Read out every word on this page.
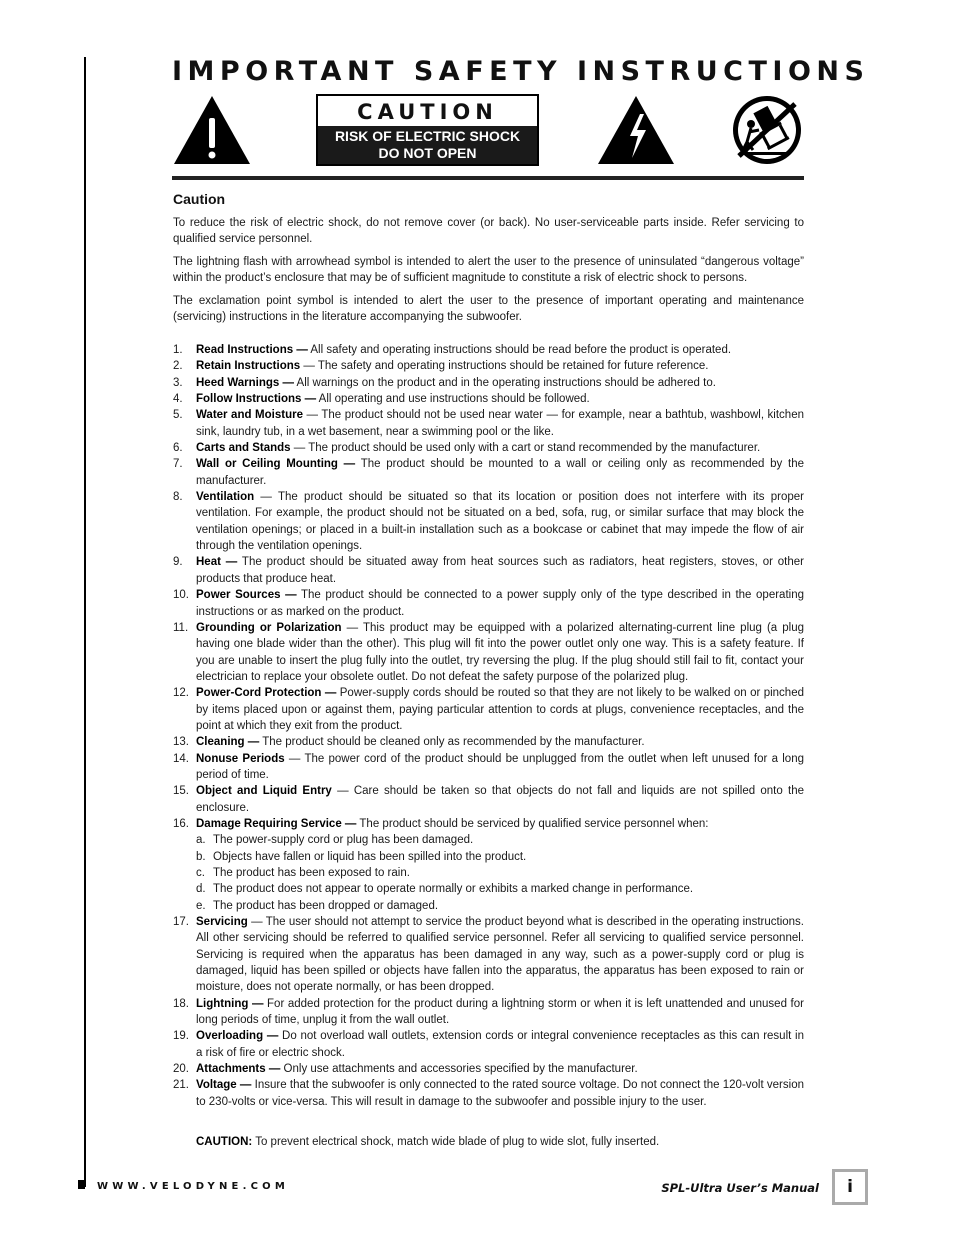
IMPORTANT SAFETY INSTRUCTIONS
CAUTION
RISK OF ELECTRIC SHOCK
DO NOT OPEN
Caution

To reduce the risk of electric shock, do not remove cover (or back). No user-serviceable parts inside. Refer servicing to qualified service personnel.

The lightning flash with arrowhead symbol is intended to alert the user to the presence of uninsulated “dangerous voltage” within the product’s enclosure that may be of sufficient magnitude to constitute a risk of electric shock to persons.

The exclamation point symbol is intended to alert the user to the presence of important operating and maintenance (servicing) instructions in the literature accompanying the subwoofer.

1. Read Instructions — All safety and operating instructions should be read before the product is operated.
2. Retain Instructions — The safety and operating instructions should be retained for future reference.
3. Heed Warnings — All warnings on the product and in the operating instructions should be adhered to.
4. Follow Instructions — All operating and use instructions should be followed.
5. Water and Moisture — The product should not be used near water — for example, near a bathtub, washbowl, kitchen sink, laundry tub, in a wet basement, near a swimming pool or the like.
6. Carts and Stands — The product should be used only with a cart or stand recommended by the manufacturer.
7. Wall or Ceiling Mounting — The product should be mounted to a wall or ceiling only as recommended by the manufacturer.
8. Ventilation — The product should be situated so that its location or position does not interfere with its proper ventilation. For example, the product should not be situated on a bed, sofa, rug, or similar surface that may block the ventilation openings; or placed in a built-in installation such as a bookcase or cabinet that may impede the flow of air through the ventilation openings.
9. Heat — The product should be situated away from heat sources such as radiators, heat registers, stoves, or other products that produce heat.
10. Power Sources — The product should be connected to a power supply only of the type described in the operating instructions or as marked on the product.
11. Grounding or Polarization — This product may be equipped with a polarized alternating-current line plug (a plug having one blade wider than the other). This plug will fit into the power outlet only one way. This is a safety feature. If you are unable to insert the plug fully into the outlet, try reversing the plug. If the plug should still fail to fit, contact your electrician to replace your obsolete outlet. Do not defeat the safety purpose of the polarized plug.
12. Power-Cord Protection — Power-supply cords should be routed so that they are not likely to be walked on or pinched by items placed upon or against them, paying particular attention to cords at plugs, convenience receptacles, and the point at which they exit from the product.
13. Cleaning — The product should be cleaned only as recommended by the manufacturer.
14. Nonuse Periods — The power cord of the product should be unplugged from the outlet when left unused for a long period of time.
15. Object and Liquid Entry — Care should be taken so that objects do not fall and liquids are not spilled onto the enclosure.
16. Damage Requiring Service — The product should be serviced by qualified service personnel when:
a. The power-supply cord or plug has been damaged.
b. Objects have fallen or liquid has been spilled into the product.
c. The product has been exposed to rain.
d. The product does not appear to operate normally or exhibits a marked change in performance.
e. The product has been dropped or damaged.
17. Servicing — The user should not attempt to service the product beyond what is described in the operating instructions. All other servicing should be referred to qualified service personnel. Refer all servicing to qualified service personnel. Servicing is required when the apparatus has been damaged in any way, such as a power-supply cord or plug is damaged, liquid has been spilled or objects have fallen into the apparatus, the apparatus has been exposed to rain or moisture, does not operate normally, or has been dropped.
18. Lightning — For added protection for the product during a lightning storm or when it is left unattended and unused for long periods of time, unplug it from the wall outlet.
19. Overloading — Do not overload wall outlets, extension cords or integral convenience receptacles as this can result in a risk of fire or electric shock.
20. Attachments — Only use attachments and accessories specified by the manufacturer.
21. Voltage — Insure that the subwoofer is only connected to the rated source voltage. Do not connect the 120-volt version to 230-volts or vice-versa. This will result in damage to the subwoofer and possible injury to the user.
CAUTION: To prevent electrical shock, match wide blade of plug to wide slot, fully inserted.
WWW.VELODYNE.COM	SPL-Ultra User’s Manual	i
